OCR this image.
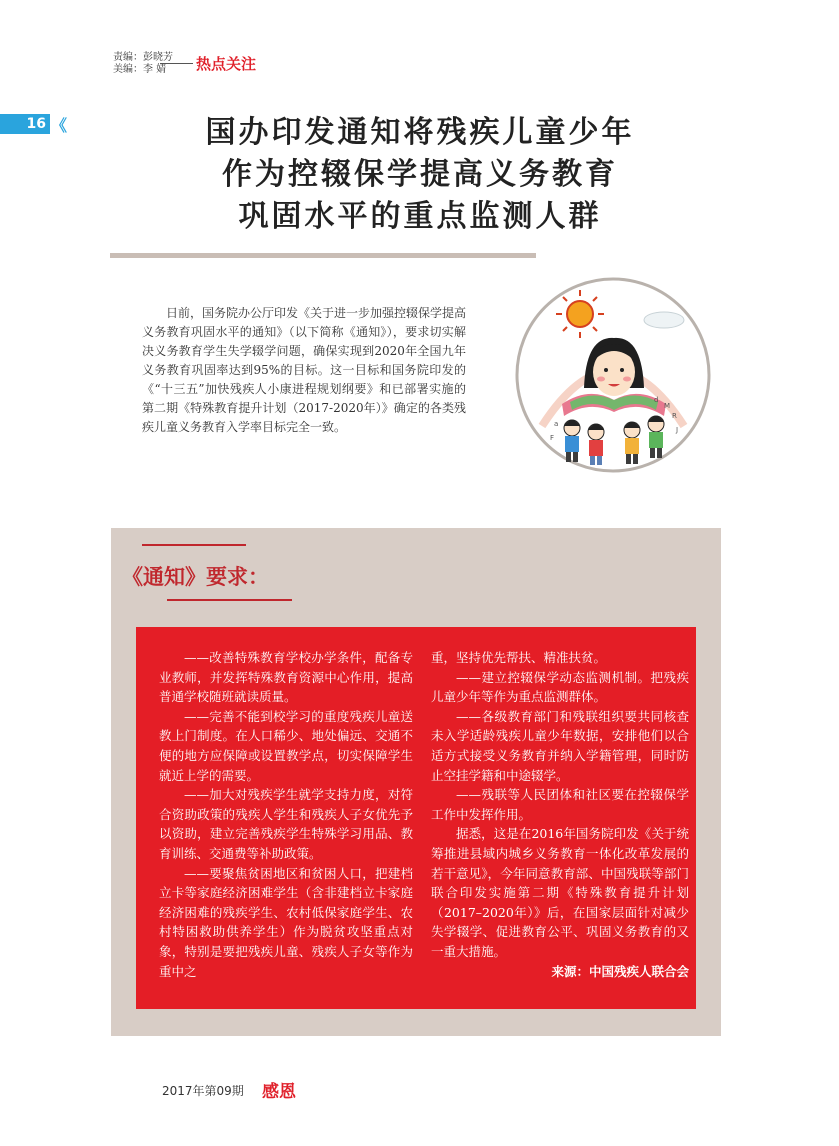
责编：彭晓芳
美编：李 婧	热点关注
16 《	国办印发通知将残疾儿童少年
作为控辍保学提高义务教育
巩固水平的重点监测人群

日前，国务院办公厅印发《关于进一步加强控辍保学提高义务教育巩固水平的通知》（以下简称《通知》），要求切实解决义务教育学生失学辍学问题，确保实现到2020年全国九年义务教育巩固率达到95%的目标。这一目标和国务院印发的《“十三五”加快残疾人小康进程规划纲要》和已部署实施的第二期《特殊教育提升计划（2017-2020年）》确定的各类残疾儿童义务教育入学率目标完全一致。	a
M
R
F
J
d
《通知》要求：

——改善特殊教育学校办学条件，配备专业教师，并发挥特殊教育资源中心作用，提高普通学校随班就读质量。

——完善不能到校学习的重度残疾儿童送教上门制度。在人口稀少、地处偏远、交通不便的地方应保障或设置教学点，切实保障学生就近上学的需要。

——加大对残疾学生就学支持力度，对符合资助政策的残疾人学生和残疾人子女优先予以资助，建立完善残疾学生特殊学习用品、教育训练、交通费等补助政策。

——要聚焦贫困地区和贫困人口，把建档立卡等家庭经济困难学生（含非建档立卡家庭经济困难的残疾学生、农村低保家庭学生、农村特困救助供养学生）作为脱贫攻坚重点对象，特别是要把残疾儿童、残疾人子女等作为重中之

重，坚持优先帮扶、精准扶贫。

——建立控辍保学动态监测机制。把残疾儿童少年等作为重点监测群体。

——各级教育部门和残联组织要共同核查未入学适龄残疾儿童少年数据，安排他们以合适方式接受义务教育并纳入学籍管理，同时防止空挂学籍和中途辍学。

——残联等人民团体和社区要在控辍保学工作中发挥作用。

据悉，这是在2016年国务院印发《关于统筹推进县域内城乡义务教育一体化改革发展的若干意见》，今年同意教育部、中国残联等部门联合印发实施第二期《特殊教育提升计划（2017–2020年）》后，在国家层面针对减少失学辍学、促进教育公平、巩固义务教育的又一重大措施。

来源：中国残疾人联合会

2017年第09期 感恩
